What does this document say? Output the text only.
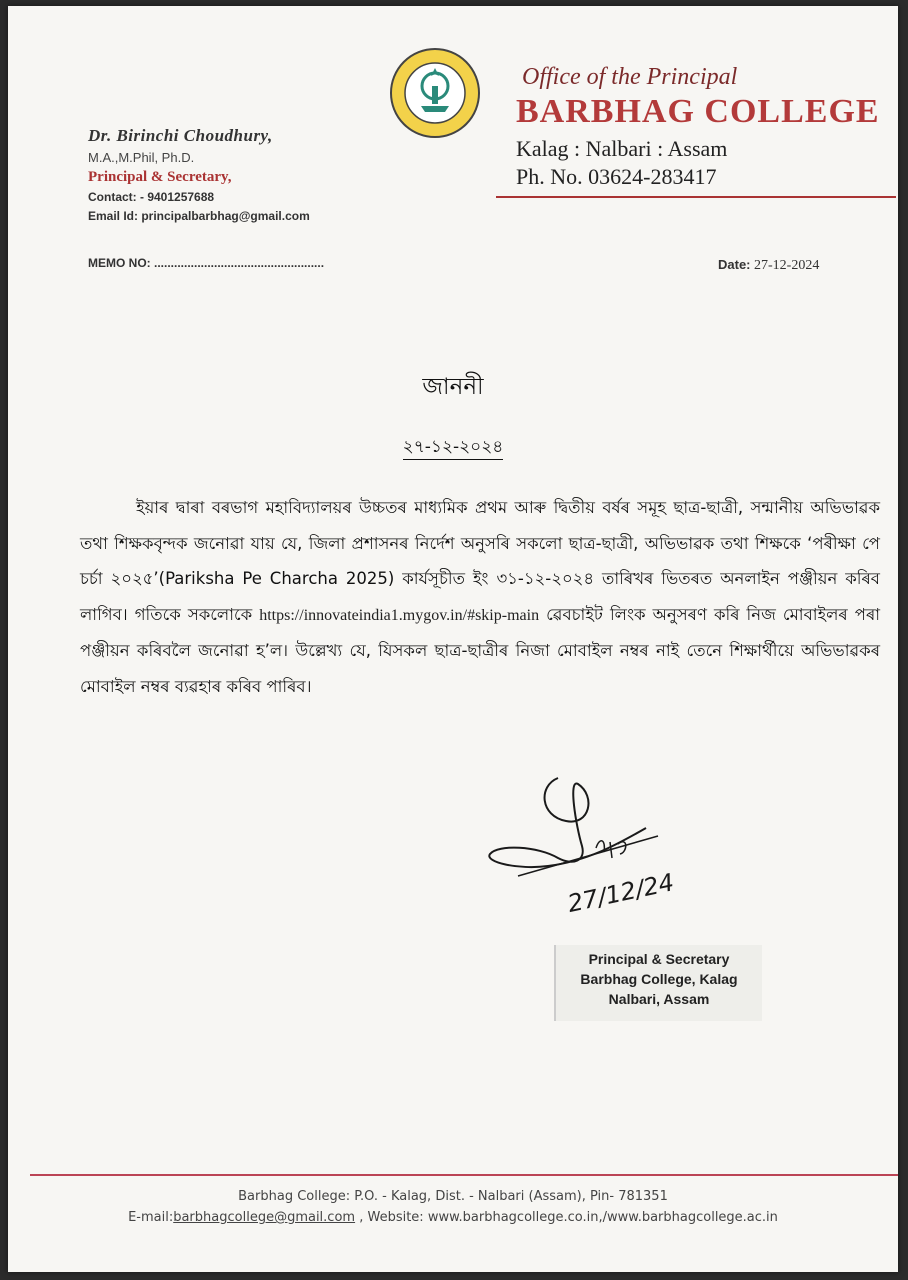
Office of the Principal
BARBHAG COLLEGE
Kalag : Nalbari : Assam
Ph. No. 03624-283417
Dr. Birinchi Choudhury,
M.A.,M.Phil, Ph.D.
Principal & Secretary,
Contact: - 9401257688
Email Id: principalbarbhag@gmail.com
MEMO NO: ...................................................	Date: 27-12-2024
জাননী
২৭-১২-২০২৪

ইয়াৰ দ্বাৰা বৰভাগ মহাবিদ্যালয়ৰ উচ্চতৰ মাধ্যমিক প্ৰথম আৰু দ্বিতীয় বৰ্ষৰ সমূহ ছাত্ৰ-ছাত্ৰী, সন্মানীয় অভিভাৱক তথা শিক্ষকবৃন্দক জনোৱা যায় যে, জিলা প্ৰশাসনৰ নিৰ্দেশ অনুসৰি সকলো ছাত্ৰ-ছাত্ৰী, অভিভাৱক তথা শিক্ষকে ‘পৰীক্ষা পে চৰ্চা ২০২৫’(Pariksha Pe Charcha 2025) কাৰ্যসূচীত ইং ৩১-১২-২০২৪ তাৰিখৰ ভিতৰত অনলাইন পঞ্জীয়ন কৰিব লাগিব। গতিকে সকলোকে https://innovateindia1.mygov.in/#skip-main ৱেবচাইট লিংক অনুসৰণ কৰি নিজ মোবাইলৰ পৰা পঞ্জীয়ন কৰিবলৈ জনোৱা হ’ল। উল্লেখ্য যে, যিসকল ছাত্ৰ-ছাত্ৰীৰ নিজা মোবাইল নম্বৰ নাই তেনে শিক্ষাৰ্থীয়ে অভিভাৱকৰ মোবাইল নম্বৰ ব্যৱহাৰ কৰিব পাৰিব।

27/12/24
Principal & Secretary
Barbhag College, Kalag
Nalbari, Assam
Barbhag College: P.O. - Kalag, Dist. - Nalbari (Assam), Pin- 781351
E-mail:barbhagcollege@gmail.com , Website: www.barbhagcollege.co.in,/www.barbhagcollege.ac.in
